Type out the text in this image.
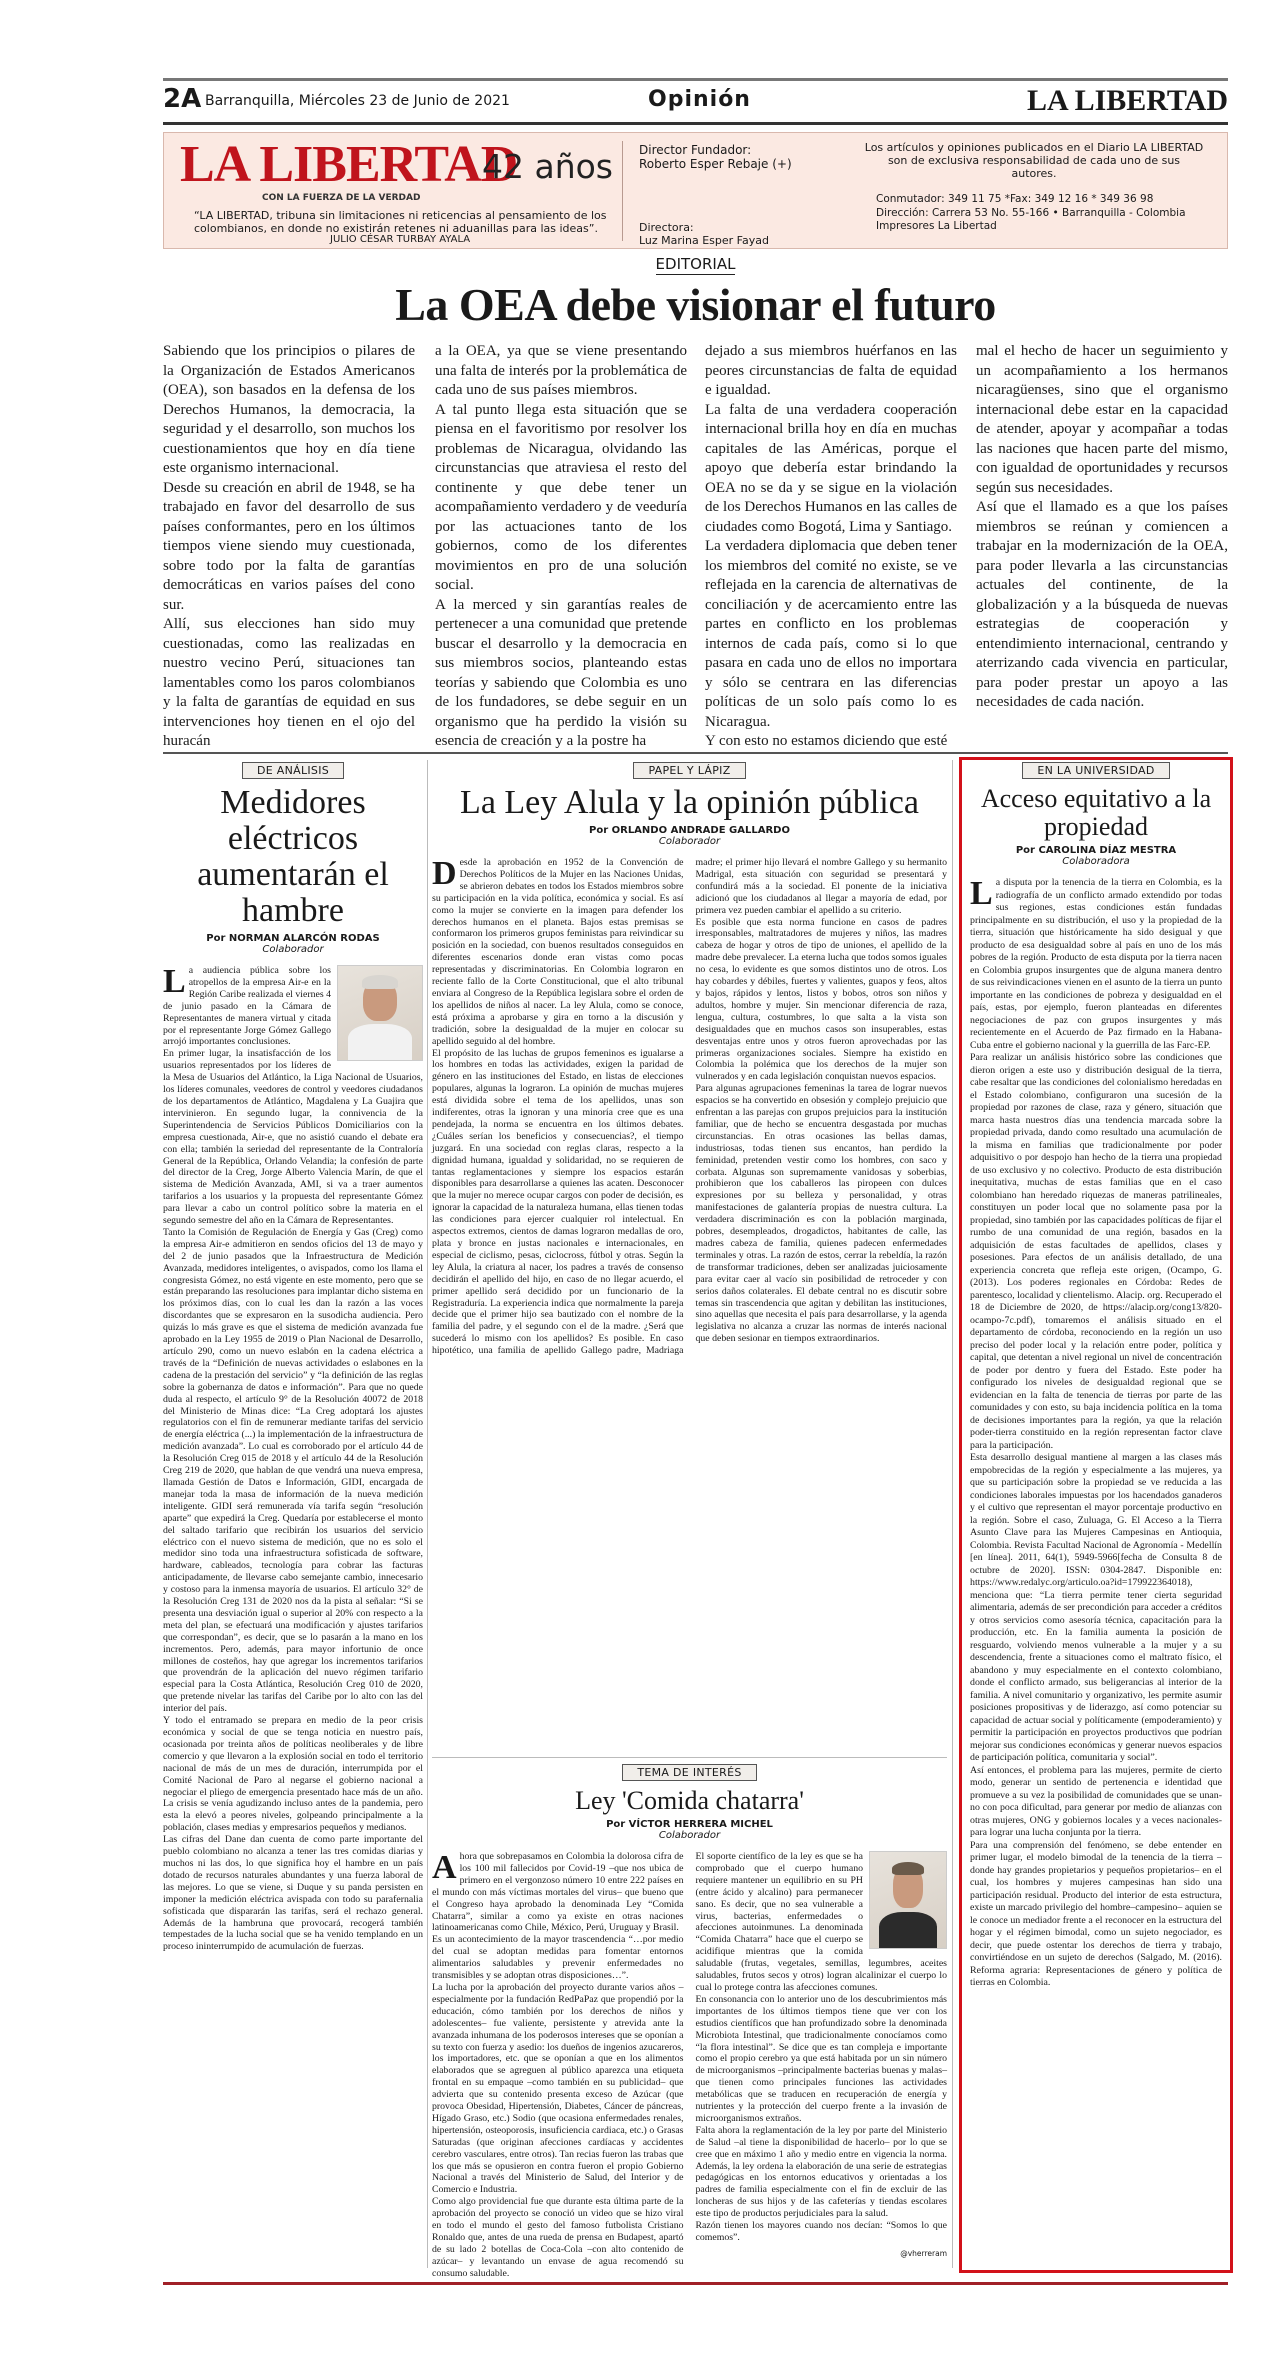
2A Barranquilla, Miércoles 23 de Junio de 2021	Opinión	LA LIBERTAD
LA LIBERTAD
CON LA FUERZA DE LA VERDAD
42 años
“LA LIBERTAD, tribuna sin limitaciones ni reticencias al pensamiento de los colombianos, en donde no existirán retenes ni aduanillas para las ideas”.
JULIO CÉSAR TURBAY AYALA
Director Fundador:
Roberto Esper Rebaje (+)
Directora:
Luz Marina Esper Fayad
Los artículos y opiniones publicados en el Diario LA LIBERTAD son de exclusiva responsabilidad de cada uno de sus autores.
Conmutador: 349 11 75 *Fax: 349 12 16 * 349 36 98
Dirección: Carrera 53 No. 55-166 • Barranquilla - Colombia
Impresores La Libertad
EDITORIAL
La OEA debe visionar el futuro

Sabiendo que los principios o pilares de la Organización de Estados Americanos (OEA), son basados en la defensa de los Derechos Humanos, la democracia, la seguridad y el desarrollo, son muchos los cuestionamientos que hoy en día tiene este organismo internacional.

Desde su creación en abril de 1948, se ha trabajado en favor del desarrollo de sus países conformantes, pero en los últimos tiempos viene siendo muy cuestionada, sobre todo por la falta de garantías democráticas en varios países del cono sur.

Allí, sus elecciones han sido muy cuestionadas, como las realizadas en nuestro vecino Perú, situaciones tan lamentables como los paros colombianos y la falta de garantías de equidad en sus intervenciones hoy tienen en el ojo del huracán

a la OEA, ya que se viene presentando una falta de interés por la problemática de cada uno de sus países miembros.

A tal punto llega esta situación que se piensa en el favoritismo por resolver los problemas de Nicaragua, olvidando las circunstancias que atraviesa el resto del continente y que debe tener un acompañamiento verdadero y de veeduría por las actuaciones tanto de los gobiernos, como de los diferentes movimientos en pro de una solución social.

A la merced y sin garantías reales de pertenecer a una comunidad que pretende buscar el desarrollo y la democracia en sus miembros socios, planteando estas teorías y sabiendo que Colombia es uno de los fundadores, se debe seguir en un organismo que ha perdido la visión su esencia de creación y a la postre ha

dejado a sus miembros huérfanos en las peores circunstancias de falta de equidad e igualdad.

La falta de una verdadera cooperación internacional brilla hoy en día en muchas capitales de las Américas, porque el apoyo que debería estar brindando la OEA no se da y se sigue en la violación de los Derechos Humanos en las calles de ciudades como Bogotá, Lima y Santiago.

La verdadera diplomacia que deben tener los miembros del comité no existe, se ve reflejada en la carencia de alternativas de conciliación y de acercamiento entre las partes en conflicto en los problemas internos de cada país, como si lo que pasara en cada uno de ellos no importara y sólo se centrara en las diferencias políticas de un solo país como lo es Nicaragua.

Y con esto no estamos diciendo que esté

mal el hecho de hacer un seguimiento y un acompañamiento a los hermanos nicaragüenses, sino que el organismo internacional debe estar en la capacidad de atender, apoyar y acompañar a todas las naciones que hacen parte del mismo, con igualdad de oportunidades y recursos según sus necesidades.

Así que el llamado es a que los países miembros se reúnan y comiencen a trabajar en la modernización de la OEA, para poder llevarla a las circunstancias actuales del continente, de la globalización y a la búsqueda de nuevas estrategias de cooperación y entendimiento internacional, centrando y aterrizando cada vivencia en particular, para poder prestar un apoyo a las necesidades de cada nación.

DE ANÁLISIS
Medidores eléctricos aumentarán el hambre
Por NORMAN ALARCÓN RODAS
Colaborador
L a audiencia pública sobre los atropellos de la empresa Air-e en la Región Caribe realizada el viernes 4 de junio pasado en la Cámara de Representantes de manera virtual y citada por el representante Jorge Gómez Gallego arrojó importantes conclusiones.

En primer lugar, la insatisfacción de los usuarios representados por los líderes de la Mesa de Usuarios del Atlántico, la Liga Nacional de Usuarios, los líderes comunales, veedores de control y veedores ciudadanos de los departamentos de Atlántico, Magdalena y La Guajira que intervinieron. En segundo lugar, la connivencia de la Superintendencia de Servicios Públicos Domiciliarios con la empresa cuestionada, Air-e, que no asistió cuando el debate era con ella; también la seriedad del representante de la Contraloría General de la República, Orlando Velandia; la confesión de parte del director de la Creg, Jorge Alberto Valencia Marín, de que el sistema de Medición Avanzada, AMI, si va a traer aumentos tarifarios a los usuarios y la propuesta del representante Gómez para llevar a cabo un control político sobre la materia en el segundo semestre del año en la Cámara de Representantes.

Tanto la Comisión de Regulación de Energía y Gas (Creg) como la empresa Air-e admitieron en sendos oficios del 13 de mayo y del 2 de junio pasados que la Infraestructura de Medición Avanzada, medidores inteligentes, o avispados, como los llama el congresista Gómez, no está vigente en este momento, pero que se están preparando las resoluciones para implantar dicho sistema en los próximos días, con lo cual les dan la razón a las voces discordantes que se expresaron en la susodicha audiencia. Pero quizás lo más grave es que el sistema de medición avanzada fue aprobado en la Ley 1955 de 2019 o Plan Nacional de Desarrollo, artículo 290, como un nuevo eslabón en la cadena eléctrica a través de la “Definición de nuevas actividades o eslabones en la cadena de la prestación del servicio” y “la definición de las reglas sobre la gobernanza de datos e información”. Para que no quede duda al respecto, el artículo 9° de la Resolución 40072 de 2018 del Ministerio de Minas dice: “La Creg adoptará los ajustes regulatorios con el fin de remunerar mediante tarifas del servicio de energía eléctrica (...) la implementación de la infraestructura de medición avanzada”. Lo cual es corroborado por el artículo 44 de la Resolución Creg 015 de 2018 y el artículo 44 de la Resolución Creg 219 de 2020, que hablan de que vendrá una nueva empresa, llamada Gestión de Datos e Información, GIDI, encargada de manejar toda la masa de información de la nueva medición inteligente. GIDI será remunerada vía tarifa según “resolución aparte” que expedirá la Creg. Quedaría por establecerse el monto del saltado tarifario que recibirán los usuarios del servicio eléctrico con el nuevo sistema de medición, que no es solo el medidor sino toda una infraestructura sofisticada de software, hardware, cableados, tecnología para cobrar las facturas anticipadamente, de llevarse cabo semejante cambio, innecesario y costoso para la inmensa mayoría de usuarios. El artículo 32° de la Resolución Creg 131 de 2020 nos da la pista al señalar: “Si se presenta una desviación igual o superior al 20% con respecto a la meta del plan, se efectuará una modificación y ajustes tarifarios que correspondan”, es decir, que se lo pasarán a la mano en los incrementos. Pero, además, para mayor infortunio de once millones de costeños, hay que agregar los incrementos tarifarios que provendrán de la aplicación del nuevo régimen tarifario especial para la Costa Atlántica, Resolución Creg 010 de 2020, que pretende nivelar las tarifas del Caribe por lo alto con las del interior del país.

Y todo el entramado se prepara en medio de la peor crisis económica y social de que se tenga noticia en nuestro país, ocasionada por treinta años de políticas neoliberales y de libre comercio y que llevaron a la explosión social en todo el territorio nacional de más de un mes de duración, interrumpida por el Comité Nacional de Paro al negarse el gobierno nacional a negociar el pliego de emergencia presentado hace más de un año. La crisis se venía agudizando incluso antes de la pandemia, pero esta la elevó a peores niveles, golpeando principalmente a la población, clases medias y empresarios pequeños y medianos.

Las cifras del Dane dan cuenta de como parte importante del pueblo colombiano no alcanza a tener las tres comidas diarias y muchos ni las dos, lo que significa hoy el hambre en un país dotado de recursos naturales abundantes y una fuerza laboral de las mejores. Lo que se viene, si Duque y su panda persisten en imponer la medición eléctrica avispada con todo su parafernalia sofisticada que dispararán las tarifas, será el rechazo general. Además de la hambruna que provocará, recogerá también tempestades de la lucha social que se ha venido templando en un proceso ininterrumpido de acumulación de fuerzas.

PAPEL Y LÁPIZ
La Ley Alula y la opinión pública
Por ORLANDO ANDRADE GALLARDO
Colaborador
D esde la aprobación en 1952 de la Convención de Derechos Políticos de la Mujer en las Naciones Unidas, se abrieron debates en todos los Estados miembros sobre su participación en la vida política, económica y social. Es así como la mujer se convierte en la imagen para defender los derechos humanos en el planeta. Bajos estas premisas se conformaron los primeros grupos feministas para reivindicar su posición en la sociedad, con buenos resultados conseguidos en diferentes escenarios donde eran vistas como pocas representadas y discriminatorias. En Colombia lograron en reciente fallo de la Corte Constitucional, que el alto tribunal enviara al Congreso de la República legislara sobre el orden de los apellidos de niños al nacer. La ley Alula, como se conoce, está próxima a aprobarse y gira en torno a la discusión y tradición, sobre la desigualdad de la mujer en colocar su apellido seguido al del hombre.

El propósito de las luchas de grupos femeninos es igualarse a los hombres en todas las actividades, exigen la paridad de género en las instituciones del Estado, en listas de elecciones populares, algunas la lograron. La opinión de muchas mujeres está dividida sobre el tema de los apellidos, unas son indiferentes, otras la ignoran y una minoría cree que es una pendejada, la norma se encuentra en los últimos debates. ¿Cuáles serían los beneficios y consecuencias?, el tiempo juzgará. En una sociedad con reglas claras, respecto a la dignidad humana, igualdad y solidaridad, no se requieren de tantas reglamentaciones y siempre los espacios estarán disponibles para desarrollarse a quienes las acaten. Desconocer que la mujer no merece ocupar cargos con poder de decisión, es ignorar la capacidad de la naturaleza humana, ellas tienen todas las condiciones para ejercer cualquier rol intelectual. En aspectos extremos, cientos de damas lograron medallas de oro, plata y bronce en justas nacionales e internacionales, en especial de ciclismo, pesas, ciclocross, fútbol y otras. Según la ley Alula, la criatura al nacer, los padres a través de consenso decidirán el apellido del hijo, en caso de no llegar acuerdo, el primer apellido será decidido por un funcionario de la Registraduría. La experiencia indica que normalmente la pareja decide que el primer hijo sea bautizado con el nombre de la familia del padre, y el segundo con el de la madre. ¿Será que sucederá lo mismo con los apellidos? Es posible. En caso hipotético, una familia de apellido Gallego padre, Madriaga madre; el primer hijo llevará el nombre Gallego y su hermanito Madrigal, esta situación con seguridad se presentará y confundirá más a la sociedad. El ponente de la iniciativa adicionó que los ciudadanos al llegar a mayoría de edad, por primera vez pueden cambiar el apellido a su criterio.

Es posible que esta norma funcione en casos de padres irresponsables, maltratadores de mujeres y niños, las madres cabeza de hogar y otros de tipo de uniones, el apellido de la madre debe prevalecer. La eterna lucha que todos somos iguales no cesa, lo evidente es que somos distintos uno de otros. Los hay cobardes y débiles, fuertes y valientes, guapos y feos, altos y bajos, rápidos y lentos, listos y bobos, otros son niños y adultos, hombre y mujer. Sin mencionar diferencia de raza, lengua, cultura, costumbres, lo que salta a la vista son desigualdades que en muchos casos son insuperables, estas desventajas entre unos y otros fueron aprovechadas por las primeras organizaciones sociales. Siempre ha existido en Colombia la polémica que los derechos de la mujer son vulnerados y en cada legislación conquistan nuevos espacios.

Para algunas agrupaciones femeninas la tarea de lograr nuevos espacios se ha convertido en obsesión y complejo prejuicio que enfrentan a las parejas con grupos prejuicios para la institución familiar, que de hecho se encuentra desgastada por muchas circunstancias. En otras ocasiones las bellas damas, industriosas, todas tienen sus encantos, han perdido la feminidad, pretenden vestir como los hombres, con saco y corbata. Algunas son supremamente vanidosas y soberbias, prohibieron que los caballeros las piropeen con dulces expresiones por su belleza y personalidad, y otras manifestaciones de galantería propias de nuestra cultura. La verdadera discriminación es con la población marginada, pobres, desempleados, drogadictos, habitantes de calle, las madres cabeza de familia, quienes padecen enfermedades terminales y otras. La razón de estos, cerrar la rebeldía, la razón de transformar tradiciones, deben ser analizadas juiciosamente para evitar caer al vacío sin posibilidad de retroceder y con serios daños colaterales. El debate central no es discutir sobre temas sin trascendencia que agitan y debilitan las instituciones, sino aquellas que necesita el país para desarrollarse, y la agenda legislativa no alcanza a cruzar las normas de interés nacional que deben sesionar en tiempos extraordinarios.

TEMA DE INTERÉS
Ley 'Comida chatarra'
Por VÍCTOR HERRERA MICHEL
Colaborador
A hora que sobrepasamos en Colombia la dolorosa cifra de los 100 mil fallecidos por Covid-19 –que nos ubica de primero en el vergonzoso número 10 entre 222 países en el mundo con más víctimas mortales del virus– que bueno que el Congreso haya aprobado la denominada Ley “Comida Chatarra”, similar a como ya existe en otras naciones latinoamericanas como Chile, México, Perú, Uruguay y Brasil.

Es un acontecimiento de la mayor trascendencia “…por medio del cual se adoptan medidas para fomentar entornos alimentarios saludables y prevenir enfermedades no transmisibles y se adoptan otras disposiciones…”.

La lucha por la aprobación del proyecto durante varios años –especialmente por la fundación RedPaPaz que propendió por la educación, cómo también por los derechos de niños y adolescentes– fue valiente, persistente y atrevida ante la avanzada inhumana de los poderosos intereses que se oponían a su texto con fuerza y asedio: los dueños de ingenios azucareros, los importadores, etc. que se oponían a que en los alimentos elaborados que se agreguen al público aparezca una etiqueta frontal en su empaque –como también en su publicidad– que advierta que su contenido presenta exceso de Azúcar (que provoca Obesidad, Hipertensión, Diabetes, Cáncer de páncreas, Hígado Graso, etc.) Sodio (que ocasiona enfermedades renales, hipertensión, osteoporosis, insuficiencia cardiaca, etc.) o Grasas Saturadas (que originan afecciones cardíacas y accidentes cerebro vasculares, entre otros). Tan recias fueron las trabas que los que más se opusieron en contra fueron el propio Gobierno Nacional a través del Ministerio de Salud, del Interior y de Comercio e Industria.

Como algo providencial fue que durante esta última parte de la aprobación del proyecto se conoció un video que se hizo viral en todo el mundo el gesto del famoso futbolista Cristiano Ronaldo que, antes de una rueda de prensa en Budapest, apartó de su lado 2 botellas de Coca-Cola –con alto contenido de azúcar– y levantando un envase de agua recomendó su consumo saludable.

El soporte científico de la ley es que se ha comprobado que el cuerpo humano requiere mantener un equilibrio en su PH (entre ácido y alcalino) para permanecer sano. Es decir, que no sea vulnerable a virus, bacterias, enfermedades o afecciones autoinmunes. La denominada “Comida Chatarra” hace que el cuerpo se acidifique mientras que la comida saludable (frutas, vegetales, semillas, legumbres, aceites saludables, frutos secos y otros) logran alcalinizar el cuerpo lo cual lo protege contra las afecciones comunes.

En consonancia con lo anterior uno de los descubrimientos más importantes de los últimos tiempos tiene que ver con los estudios científicos que han profundizado sobre la denominada Microbiota Intestinal, que tradicionalmente conocíamos como “la flora intestinal”. Se dice que es tan compleja e importante como el propio cerebro ya que está habitada por un sin número de microorganismos –principalmente bacterias buenas y malas– que tienen como principales funciones las actividades metabólicas que se traducen en recuperación de energía y nutrientes y la protección del cuerpo frente a la invasión de microorganismos extraños.

Falta ahora la reglamentación de la ley por parte del Ministerio de Salud –al tiene la disponibilidad de hacerlo– por lo que se cree que en máximo 1 año y medio entre en vigencia la norma. Además, la ley ordena la elaboración de una serie de estrategias pedagógicas en los entornos educativos y orientadas a los padres de familia especialmente con el fin de excluir de las loncheras de sus hijos y de las cafeterías y tiendas escolares este tipo de productos perjudiciales para la salud.

Razón tienen los mayores cuando nos decían: “Somos lo que comemos”.

@vherreram
EN LA UNIVERSIDAD
Acceso equitativo a la propiedad
Por CAROLINA DÍAZ MESTRA
Colaboradora
L a disputa por la tenencia de la tierra en Colombia, es la radiografía de un conflicto armado extendido por todas sus regiones, estas condiciones están fundadas principalmente en su distribución, el uso y la propiedad de la tierra, situación que históricamente ha sido desigual y que producto de esa desigualdad sobre al país en uno de los más pobres de la región. Producto de esta disputa por la tierra nacen en Colombia grupos insurgentes que de alguna manera dentro de sus reivindicaciones vienen en el asunto de la tierra un punto importante en las condiciones de pobreza y desigualdad en el país, estas, por ejemplo, fueron planteadas en diferentes negociaciones de paz con grupos insurgentes y más recientemente en el Acuerdo de Paz firmado en la Habana-Cuba entre el gobierno nacional y la guerrilla de las Farc-EP.

Para realizar un análisis histórico sobre las condiciones que dieron origen a este uso y distribución desigual de la tierra, cabe resaltar que las condiciones del colonialismo heredadas en el Estado colombiano, configuraron una sucesión de la propiedad por razones de clase, raza y género, situación que marca hasta nuestros días una tendencia marcada sobre la propiedad privada, dando como resultado una acumulación de la misma en familias que tradicionalmente por poder adquisitivo o por despojo han hecho de la tierra una propiedad de uso exclusivo y no colectivo. Producto de esta distribución inequitativa, muchas de estas familias que en el caso colombiano han heredado riquezas de maneras patrilineales, constituyen un poder local que no solamente pasa por la propiedad, sino también por las capacidades políticas de fijar el rumbo de una comunidad de una región, basados en la adquisición de estas facultades de apellidos, clases y posesiones. Para efectos de un análisis detallado, de una experiencia concreta que refleja este origen, (Ocampo, G. (2013). Los poderes regionales en Córdoba: Redes de parentesco, localidad y clientelismo. Alacip. org. Recuperado el 18 de Diciembre de 2020, de https://alacip.org/cong13/820-ocampo-7c.pdf), tomaremos el análisis situado en el departamento de córdoba, reconociendo en la región un uso preciso del poder local y la relación entre poder, política y capital, que detentan a nivel regional un nivel de concentración de poder por dentro y fuera del Estado. Este poder ha configurado los niveles de desigualdad regional que se evidencian en la falta de tenencia de tierras por parte de las comunidades y con esto, su baja incidencia política en la toma de decisiones importantes para la región, ya que la relación poder-tierra constituido en la región representan factor clave para la participación.

Esta desarrollo desigual mantiene al margen a las clases más empobrecidas de la región y especialmente a las mujeres, ya que su participación sobre la propiedad se ve reducida a las condiciones laborales impuestas por los hacendados ganaderos y el cultivo que representan el mayor porcentaje productivo en la región. Sobre el caso, Zuluaga, G. El Acceso a la Tierra Asunto Clave para las Mujeres Campesinas en Antioquia, Colombia. Revista Facultad Nacional de Agronomía - Medellín [en línea]. 2011, 64(1), 5949-5966[fecha de Consulta 8 de octubre de 2020]. ISSN: 0304-2847. Disponible en: https://www.redalyc.org/articulo.oa?id=179922364018), menciona que: “La tierra permite tener cierta seguridad alimentaria, además de ser precondición para acceder a créditos y otros servicios como asesoría técnica, capacitación para la producción, etc. En la familia aumenta la posición de resguardo, volviendo menos vulnerable a la mujer y a su descendencia, frente a situaciones como el maltrato físico, el abandono y muy especialmente en el contexto colombiano, donde el conflicto armado, sus beligerancias al interior de la familia. A nivel comunitario y organizativo, les permite asumir posiciones propositivas y de liderazgo, así como potenciar su capacidad de actuar social y políticamente (empoderamiento) y permitir la participación en proyectos productivos que podrían mejorar sus condiciones económicas y generar nuevos espacios de participación política, comunitaria y social”.

Así entonces, el problema para las mujeres, permite de cierto modo, generar un sentido de pertenencia e identidad que promueve a su vez la posibilidad de comunidades que se unan-no con poca dificultad, para generar por medio de alianzas con otras mujeres, ONG y gobiernos locales y a veces nacionales- para lograr una lucha conjunta por la tierra.

Para una comprensión del fenómeno, se debe entender en primer lugar, el modelo bimodal de la tenencia de la tierra –donde hay grandes propietarios y pequeños propietarios– en el cual, los hombres y mujeres campesinas han sido una participación residual. Producto del interior de esta estructura, existe un marcado privilegio del hombre–campesino– aquien se le conoce un mediador frente a el reconocer en la estructura del hogar y el régimen bimodal, como un sujeto negociador, es decir, que puede ostentar los derechos de tierra y trabajo, convirtiéndose en un sujeto de derechos (Salgado, M. (2016). Reforma agraria: Representaciones de género y política de tierras en Colombia.
